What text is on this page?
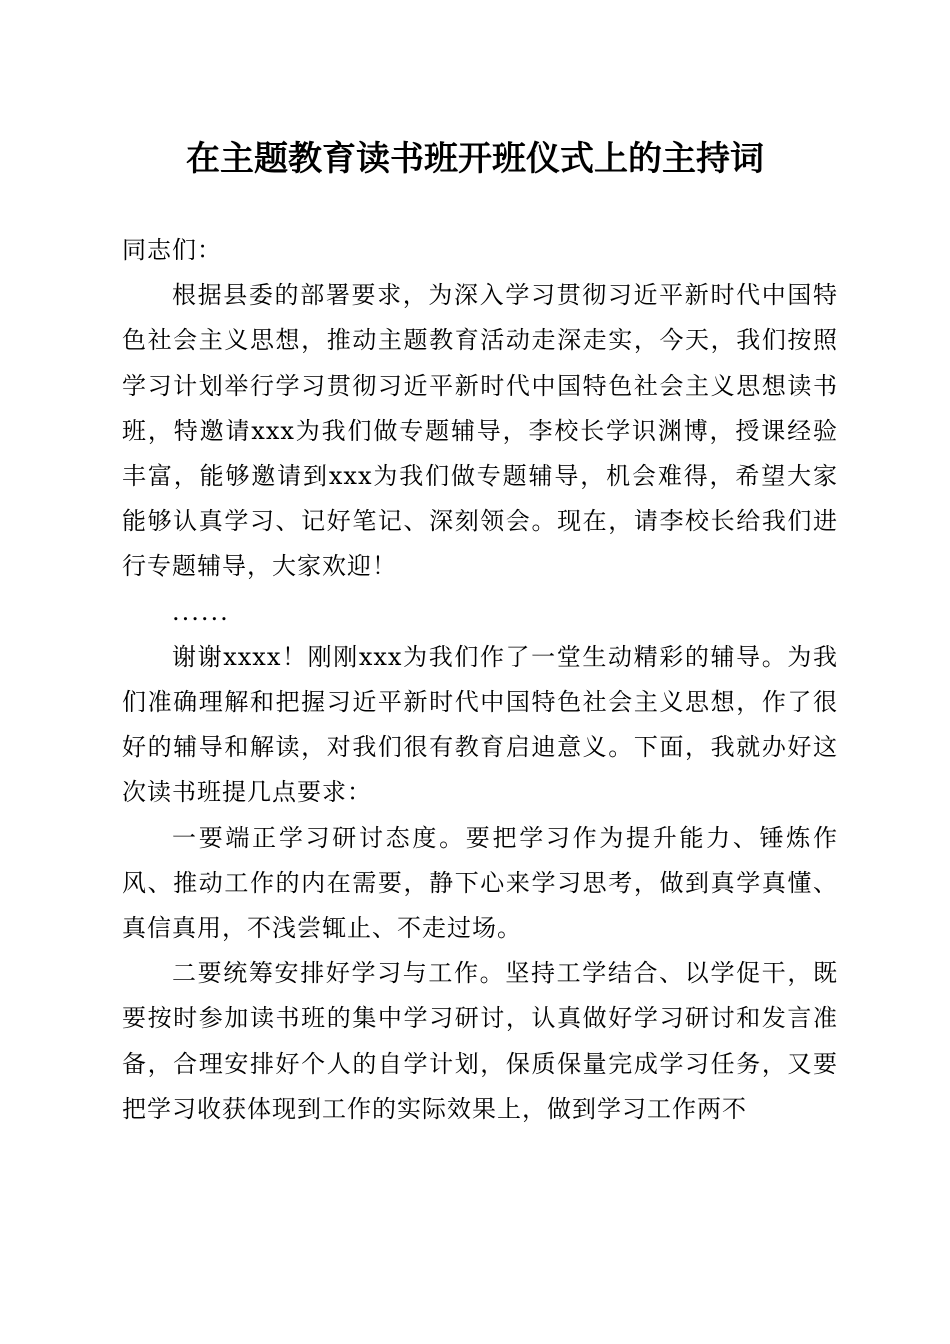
在主题教育读书班开班仪式上的主持词

同志们：

根据县委的部署要求，为深入学习贯彻习近平新时代中国特色社会主义思想，推动主题教育活动走深走实，今天，我们按照学习计划举行学习贯彻习近平新时代中国特色社会主义思想读书班，特邀请xxx为我们做专题辅导，李校长学识渊博，授课经验丰富，能够邀请到xxx为我们做专题辅导，机会难得，希望大家能够认真学习、记好笔记、深刻领会。现在，请李校长给我们进行专题辅导，大家欢迎！

......

谢谢xxxx！刚刚xxx为我们作了一堂生动精彩的辅导。为我们准确理解和把握习近平新时代中国特色社会主义思想，作了很好的辅导和解读，对我们很有教育启迪意义。下面，我就办好这次读书班提几点要求：

一要端正学习研讨态度。要把学习作为提升能力、锤炼作风、推动工作的内在需要，静下心来学习思考，做到真学真懂、真信真用，不浅尝辄止、不走过场。

二要统筹安排好学习与工作。坚持工学结合、以学促干，既要按时参加读书班的集中学习研讨，认真做好学习研讨和发言准备，合理安排好个人的自学计划，保质保量完成学习任务，又要把学习收获体现到工作的实际效果上，做到学习工作两不
